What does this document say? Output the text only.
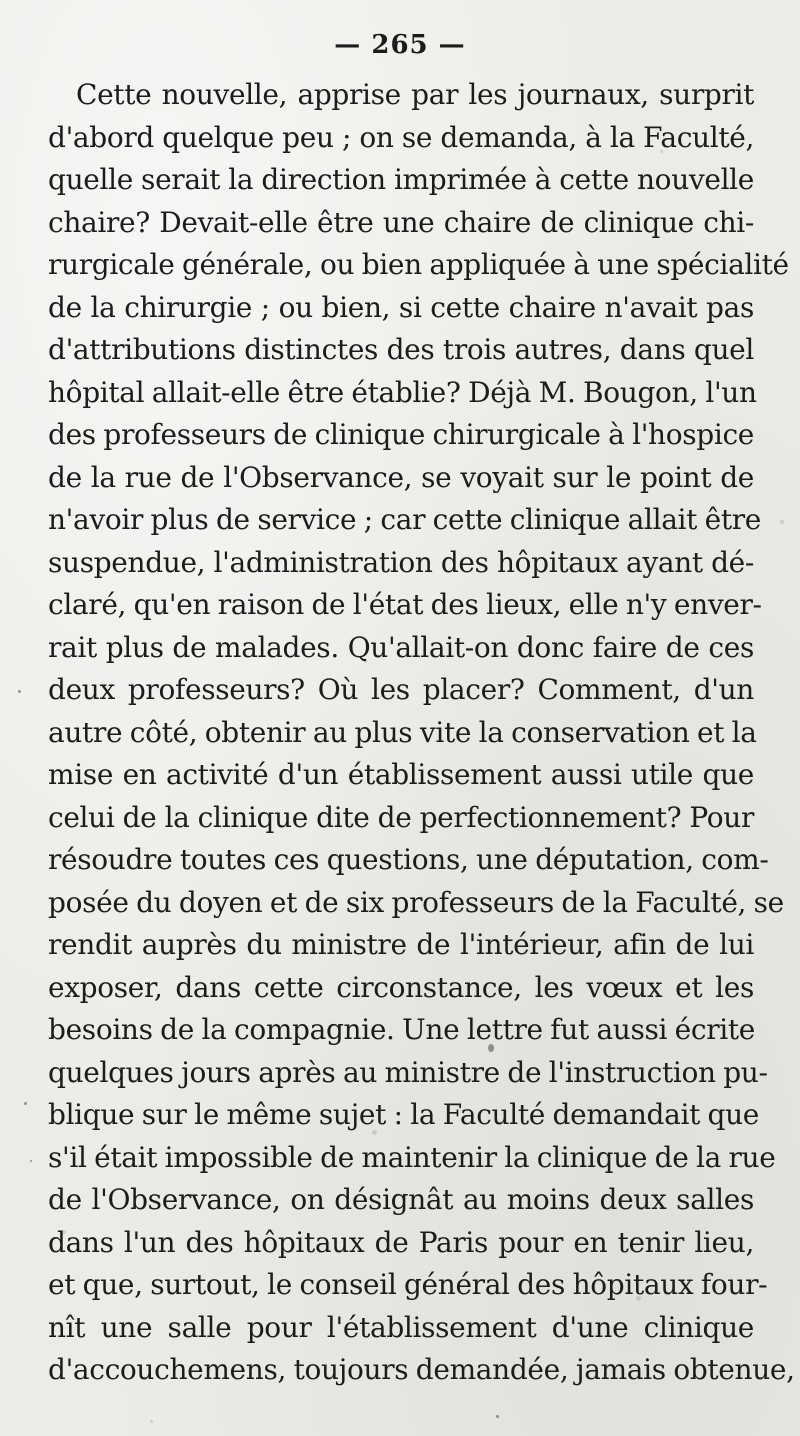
— 265 —
Cette nouvelle, apprise par les journaux, surprit
d'abord quelque peu ; on se demanda, à la Faculté,
quelle serait la direction imprimée à cette nouvelle
chaire? Devait-elle être une chaire de clinique chi-
rurgicale générale, ou bien appliquée à une spécialité
de la chirurgie ; ou bien, si cette chaire n'avait pas
d'attributions distinctes des trois autres, dans quel
hôpital allait-elle être établie? Déjà M. Bougon, l'un
des professeurs de clinique chirurgicale à l'hospice
de la rue de l'Observance, se voyait sur le point de
n'avoir plus de service ; car cette clinique allait être
suspendue, l'administration des hôpitaux ayant dé-
claré, qu'en raison de l'état des lieux, elle n'y enver-
rait plus de malades. Qu'allait-on donc faire de ces
deux professeurs? Où les placer? Comment, d'un
autre côté, obtenir au plus vite la conservation et la
mise en activité d'un établissement aussi utile que
celui de la clinique dite de perfectionnement? Pour
résoudre toutes ces questions, une députation, com-
posée du doyen et de six professeurs de la Faculté, se
rendit auprès du ministre de l'intérieur, afin de lui
exposer, dans cette circonstance, les vœux et les
besoins de la compagnie. Une lettre fut aussi écrite
quelques jours après au ministre de l'instruction pu-
blique sur le même sujet : la Faculté demandait que
s'il était impossible de maintenir la clinique de la rue
de l'Observance, on désignât au moins deux salles
dans l'un des hôpitaux de Paris pour en tenir lieu,
et que, surtout, le conseil général des hôpitaux four-
nît une salle pour l'établissement d'une clinique
d'accouchemens, toujours demandée, jamais obtenue,
